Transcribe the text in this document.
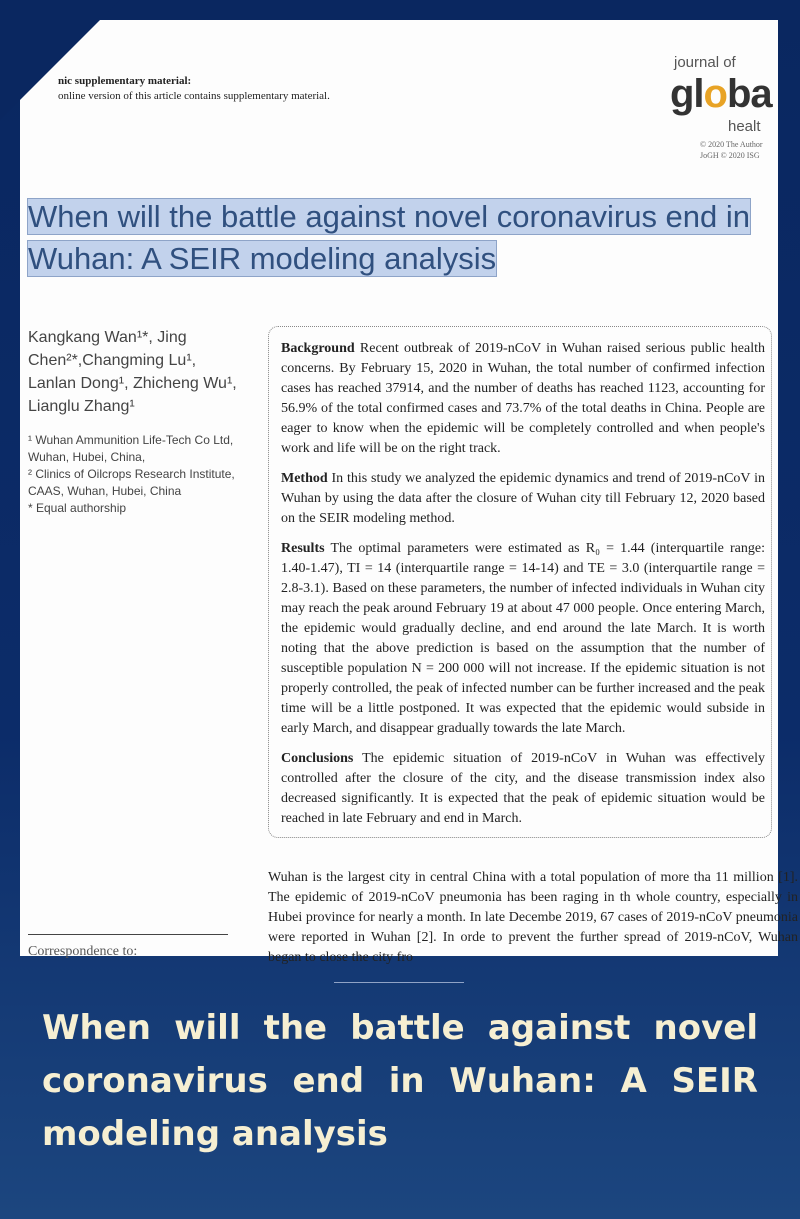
nic supplementary material:
online version of this article contains supplementary material.
journal of
globa
healt
© 2020 The Author
JoGH © 2020 ISG
When will the battle against novel coronavirus end in Wuhan: A SEIR modeling analysis
Kangkang Wan¹*, Jing Chen²*,Changming Lu¹, Lanlan Dong¹, Zhicheng Wu¹, Lianglu Zhang¹

¹ Wuhan Ammunition Life-Tech Co Ltd, Wuhan, Hubei, China,

² Clinics of Oilcrops Research Institute, CAAS, Wuhan, Hubei, China

* Equal authorship

Background Recent outbreak of 2019-nCoV in Wuhan raised serious public health concerns. By February 15, 2020 in Wuhan, the total number of confirmed infection cases has reached 37914, and the number of deaths has reached 1123, accounting for 56.9% of the total confirmed cases and 73.7% of the total deaths in China. People are eager to know when the epidemic will be completely controlled and when people's work and life will be on the right track.

Method In this study we analyzed the epidemic dynamics and trend of 2019-nCoV in Wuhan by using the data after the closure of Wuhan city till February 12, 2020 based on the SEIR modeling method.

Results The optimal parameters were estimated as R₀ = 1.44 (interquartile range: 1.40-1.47), TI = 14 (interquartile range = 14-14) and TE = 3.0 (interquartile range = 2.8-3.1). Based on these parameters, the number of infected individuals in Wuhan city may reach the peak around February 19 at about 47 000 people. Once entering March, the epidemic would gradually decline, and end around the late March. It is worth noting that the above prediction is based on the assumption that the number of susceptible population N = 200 000 will not increase. If the epidemic situation is not properly controlled, the peak of infected number can be further increased and the peak time will be a little postponed. It was expected that the epidemic would subside in early March, and disappear gradually towards the late March.

Conclusions The epidemic situation of 2019-nCoV in Wuhan was effectively controlled after the closure of the city, and the disease transmission index also decreased significantly. It is expected that the peak of epidemic situation would be reached in late February and end in March.

Wuhan is the largest city in central China with a total population of more tha 11 million [1]. The epidemic of 2019-nCoV pneumonia has been raging in th whole country, especially in Hubei province for nearly a month. In late Decembe 2019, 67 cases of 2019-nCoV pneumonia were reported in Wuhan [2]. In orde to prevent the further spread of 2019-nCoV, Wuhan began to close the city fro
Correspondence to:
When will the battle against novel coronavirus end in Wuhan: A SEIR modeling analysis
